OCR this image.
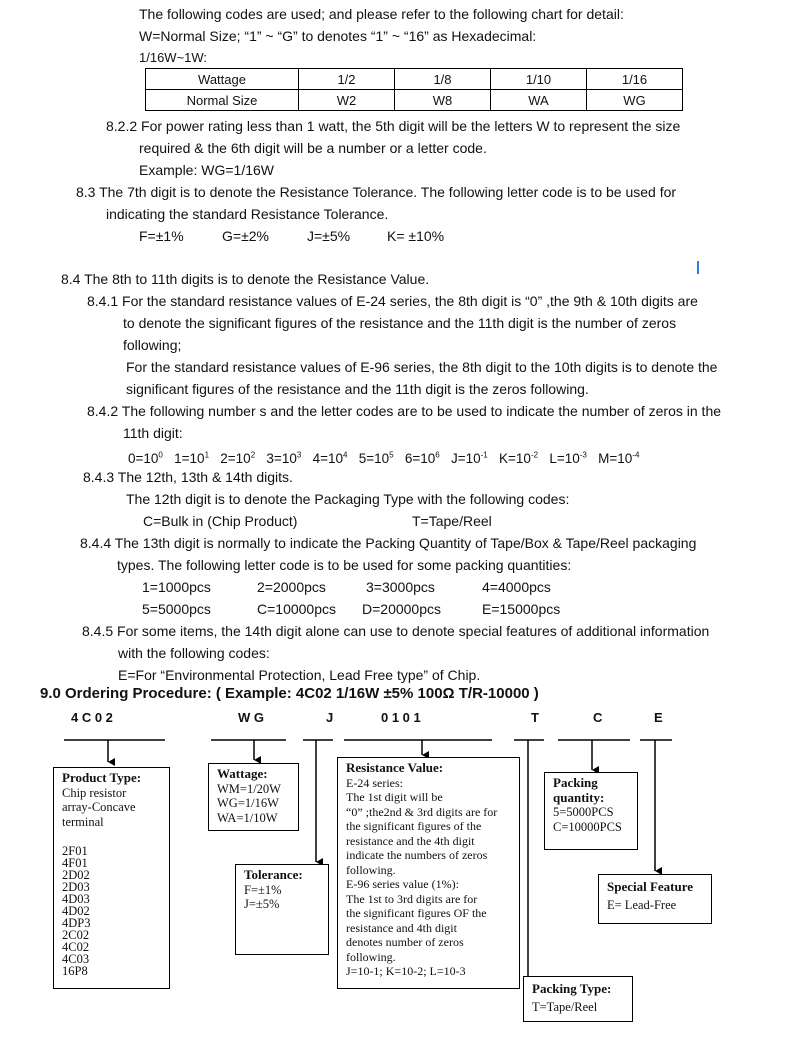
The following codes are used; and please refer to the following chart for detail:
W=Normal Size; “1” ~ “G” to denotes “1” ~ “16” as Hexadecimal:
1/16W~1W:
Wattage	1/2	1/8	1/10	1/16
Normal Size	W2	W8	WA	WG
8.2.2 For power rating less than 1 watt, the 5th digit will be the letters W to represent the size
required & the 6th digit will be a number or a letter code.
Example: WG=1/16W
8.3 The 7th digit is to denote the Resistance Tolerance. The following letter code is to be used for
indicating the standard Resistance Tolerance.
F=±1%	G=±2%	J=±5%	K= ±10%
8.4 The 8th to 11th digits is to denote the Resistance Value.
8.4.1 For the standard resistance values of E-24 series, the 8th digit is “0” ,the 9th & 10th digits are
to denote the significant figures of the resistance and the 11th digit is the number of zeros
following;
For the standard resistance values of E-96 series, the 8th digit to the 10th digits is to denote the
significant figures of the resistance and the 11th digit is the zeros following.
8.4.2 The following number s and the letter codes are to be used to indicate the number of zeros in the
11th digit:
$0=10^0$ $1=10^1$ $2=10^2$ $3=10^3$ $4=10^4$ $5=10^5$ $6=10^6$ $J=10^{-1}$ $K=10^{-2}$ $L=10^{-3}$ $M=10^{-4}$
8.4.3 The 12th, 13th & 14th digits.
The 12th digit is to denote the Packaging Type with the following codes:
C=Bulk in (Chip Product)	T=Tape/Reel
8.4.4 The 13th digit is normally to indicate the Packing Quantity of Tape/Box & Tape/Reel packaging
types. The following letter code is to be used for some packing quantities:
1=1000pcs	2=2000pcs	3=3000pcs	4=4000pcs
5=5000pcs	C=10000pcs D=20000pcs	E=15000pcs
8.4.5 For some items, the 14th digit alone can use to denote special features of additional information
with the following codes:
E=For “Environmental Protection, Lead Free type” of Chip.
9.0 Ordering Procedure: ( Example: 4C02 1/16W ±5% 100Ω T/R-10000 )
4 C 0 2	W G	J	0 1 0 1	T	C	E
Product Type:
Chip resistor
array-Concave
terminal
2F01
4F01
2D02
2D03
4D03
4D02
4DP3
2C02
4C02
4C03
16P8
Wattage:
WM=1/20W
WG=1/16W
WA=1/10W
Tolerance:
F=±1%
J=±5%
Resistance Value:
E-24 series:
The 1st digit will be
“0” ;the2nd & 3rd digits are for
the significant figures of the
resistance and the 4th digit
indicate the numbers of zeros
following.
E-96 series value (1%):
The 1st to 3rd digits are for
the significant figures OF the
resistance and 4th digit
denotes number of zeros
following.
J=10-1; K=10-2; L=10-3
Packing quantity:
5=5000PCS
C=10000PCS
Special Feature
E= Lead-Free
Packing Type:
T=Tape/Reel
